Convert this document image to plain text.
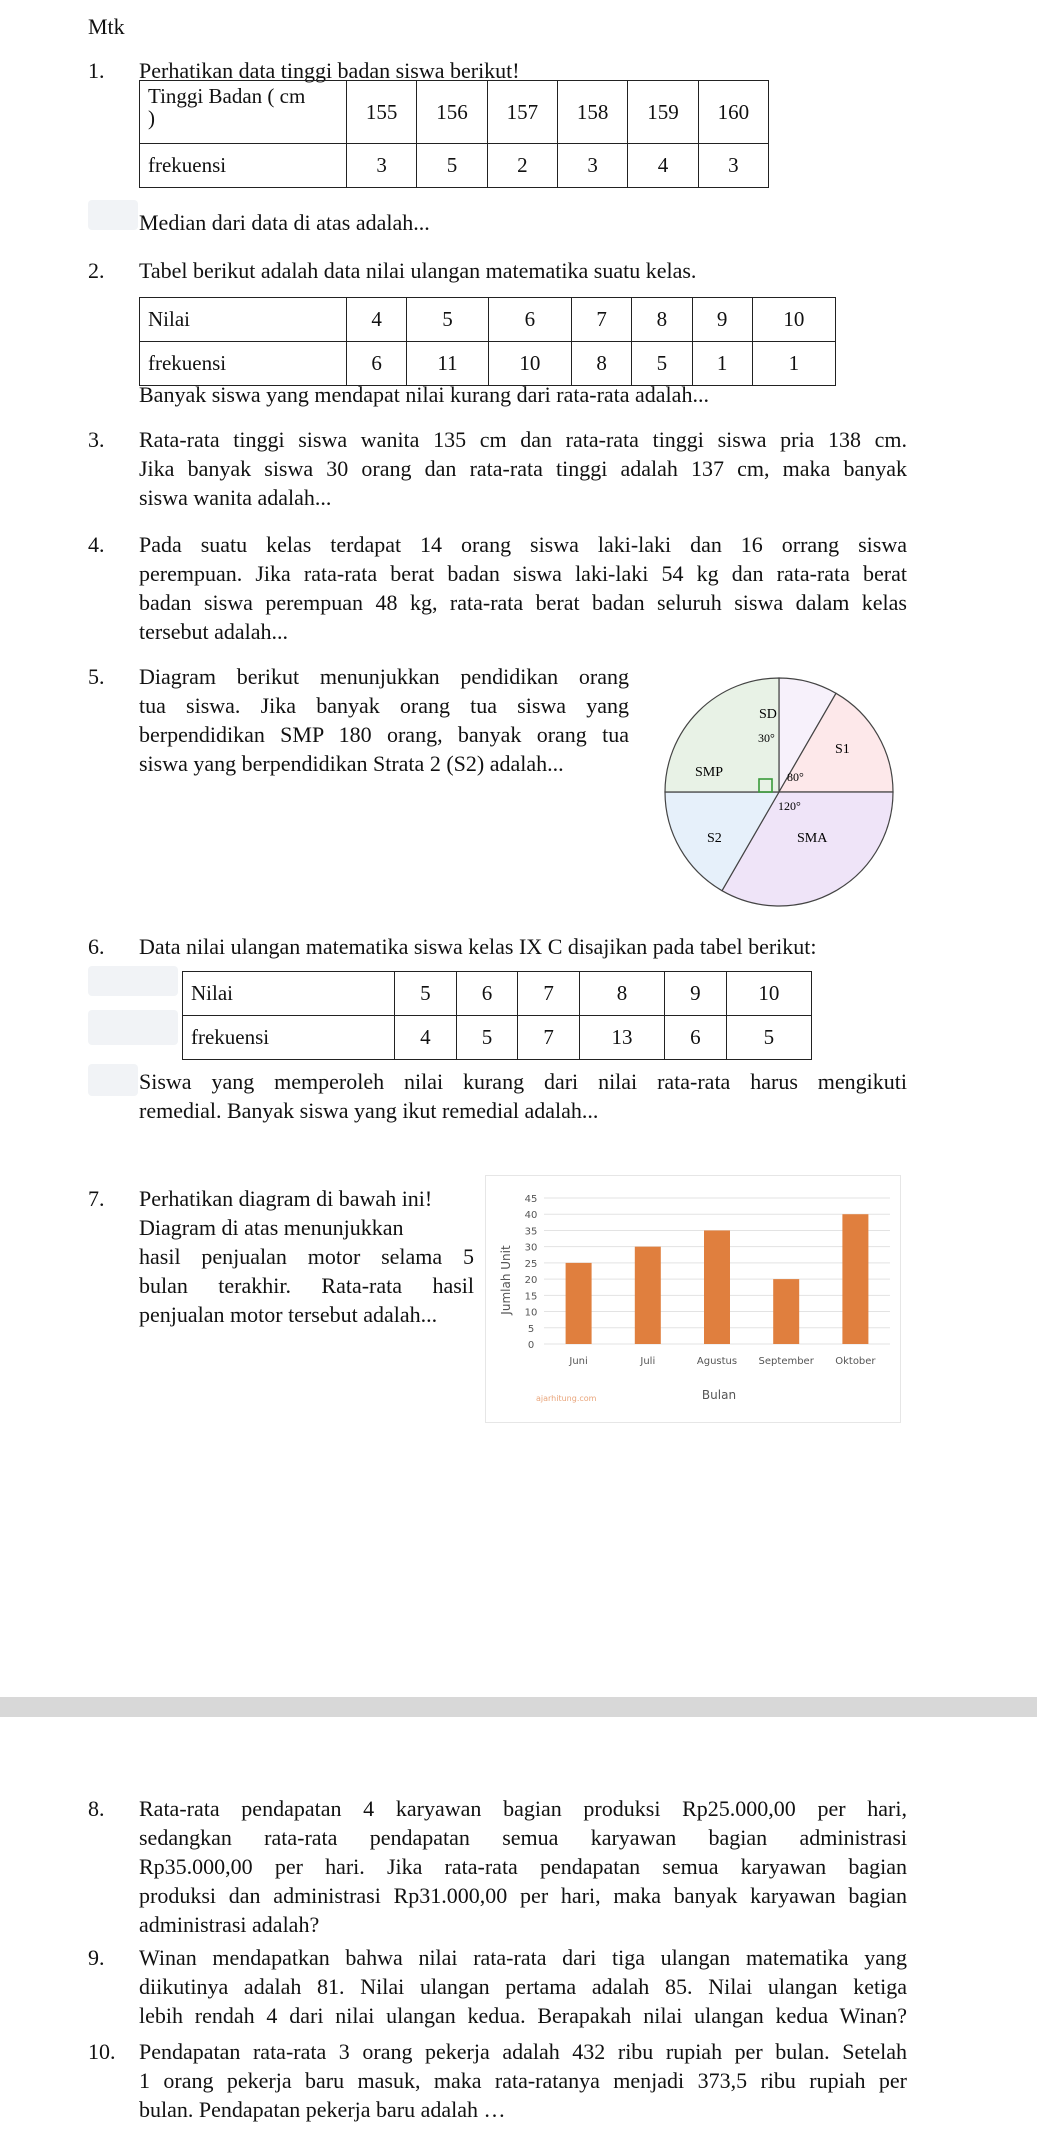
Mtk
1. Perhatikan data tinggi badan siswa berikut!
Tinggi Badan ( cm
)	155	156	157	158	159	160
frekuensi	3	5	2	3	4	3
Median dari data di atas adalah...
2. Tabel berikut adalah data nilai ulangan matematika suatu kelas.
Nilai	4	5	6	7	8	9	10
frekuensi	6	11	10	8	5	1	1
Banyak siswa yang mendapat nilai kurang dari rata-rata adalah...
3. Rata-rata tinggi siswa wanita 135 cm dan rata-rata tinggi siswa pria 138 cm.
Jika banyak siswa 30 orang dan rata-rata tinggi adalah 137 cm, maka banyak
siswa wanita adalah...
4. Pada suatu kelas terdapat 14 orang siswa laki-laki dan 16 orrang siswa
perempuan. Jika rata-rata berat badan siswa laki-laki 54 kg dan rata-rata berat
badan siswa perempuan 48 kg, rata-rata berat badan seluruh siswa dalam kelas
tersebut adalah...
5. Diagram berikut menunjukkan pendidikan orang
tua siswa. Jika banyak orang tua siswa yang
berpendidikan SMP 180 orang, banyak orang tua
siswa yang berpendidikan Strata 2 (S2) adalah...
SD
30°
S1
80°
SMP
120°
S2	SMA
6. Data nilai ulangan matematika siswa kelas IX C disajikan pada tabel berikut:
Nilai	5	6	7	8	9	10
frekuensi	4	5	7	13	6	5
Siswa yang memperoleh nilai kurang dari nilai rata-rata harus mengikuti
remedial. Banyak siswa yang ikut remedial adalah...
7. Perhatikan diagram di bawah ini!
Diagram di atas menunjukkan
hasil penjualan motor selama 5
bulan terakhir. Rata-rata hasil
penjualan motor tersebut adalah...
0
5
10
15
20
25
30
35
40
45
Juni	Juli	Agustus September Oktober
Jumlah Unit
Bulan
ajarhitung.com
8. Rata-rata pendapatan 4 karyawan bagian produksi Rp25.000,00 per hari,
sedangkan rata-rata pendapatan semua karyawan bagian administrasi
Rp35.000,00 per hari. Jika rata-rata pendapatan semua karyawan bagian
produksi dan administrasi Rp31.000,00 per hari, maka banyak karyawan bagian
administrasi adalah?
9. Winan mendapatkan bahwa nilai rata-rata dari tiga ulangan matematika yang
diikutinya adalah 81. Nilai ulangan pertama adalah 85. Nilai ulangan ketiga
lebih rendah 4 dari nilai ulangan kedua. Berapakah nilai ulangan kedua Winan?
10. Pendapatan rata-rata 3 orang pekerja adalah 432 ribu rupiah per bulan. Setelah
1 orang pekerja baru masuk, maka rata-ratanya menjadi 373,5 ribu rupiah per
bulan. Pendapatan pekerja baru adalah …
